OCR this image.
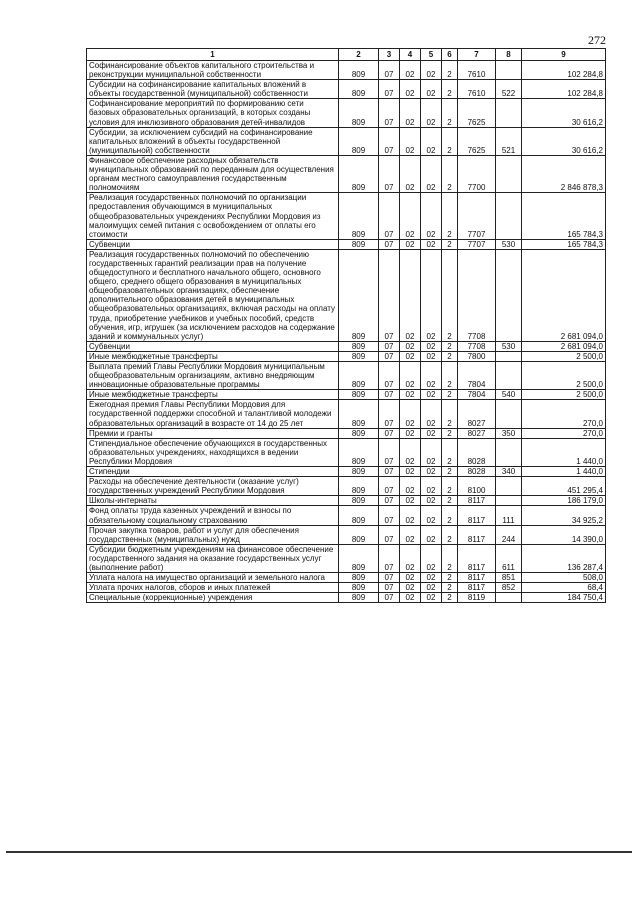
272
1	2	3	4	5	6	7	8	9
Софинансирование объектов капитального строительства и реконструкции муниципальной собственности	809	07	02	02	2	7610		102 284,8
Субсидии на софинансирование капитальных вложений в объекты государственной (муниципальной) собственности	809	07	02	02	2	7610	522	102 284,8
Софинансирование мероприятий по формированию сети базовых образовательных организаций, в которых созданы условия для инклюзивного образования детей-инвалидов	809	07	02	02	2	7625		30 616,2
Субсидии, за исключением субсидий на софинансирование капитальных вложений в объекты государственной (муниципальной) собственности	809	07	02	02	2	7625	521	30 616,2
Финансовое обеспечение расходных обязательств муниципальных образований по переданным для осуществления органам местного самоуправления государственным полномочиям	809	07	02	02	2	7700		2 846 878,3
Реализация государственных полномочий по организации предоставления обучающимся в муниципальных общеобразовательных учреждениях Республики Мордовия из малоимущих семей питания с освобождением от оплаты его стоимости	809	07	02	02	2	7707		165 784,3
Субвенции	809	07	02	02	2	7707	530	165 784,3
Реализация государственных полномочий по обеспечению государственных гарантий реализации прав на получение общедоступного и бесплатного начального общего, основного общего, среднего общего образования в муниципальных общеобразовательных организациях, обеспечение дополнительного образования детей в муниципальных общеобразовательных организациях, включая расходы на оплату труда, приобретение учебников и учебных пособий, средств обучения, игр, игрушек (за исключением расходов на содержание зданий и коммунальных услуг)	809	07	02	02	2	7708		2 681 094,0
Субвенции	809	07	02	02	2	7708	530	2 681 094,0
Иные межбюджетные трансферты	809	07	02	02	2	7800		2 500,0
Выплата премий Главы Республики Мордовия муниципальным общеобразовательным организациям, активно внедряющим инновационные образовательные программы	809	07	02	02	2	7804		2 500,0
Иные межбюджетные трансферты	809	07	02	02	2	7804	540	2 500,0
Ежегодная премия Главы Республики Мордовия для государственной поддержки способной и талантливой молодежи образовательных организаций в возрасте от 14 до 25 лет	809	07	02	02	2	8027		270,0
Премии и гранты	809	07	02	02	2	8027	350	270,0
Стипендиальное обеспечение обучающихся в государственных образовательных учреждениях, находящихся в ведении Республики Мордовия	809	07	02	02	2	8028		1 440,0
Стипендии	809	07	02	02	2	8028	340	1 440,0
Расходы на обеспечение деятельности (оказание услуг) государственных учреждений Республики Мордовия	809	07	02	02	2	8100		451 295,4
Школы-интернаты	809	07	02	02	2	8117		186 179,0
Фонд оплаты труда казенных учреждений и взносы по обязательному социальному страхованию	809	07	02	02	2	8117	111	34 925,2
Прочая закупка товаров, работ и услуг для обеспечения государственных (муниципальных) нужд	809	07	02	02	2	8117	244	14 390,0
Субсидии бюджетным учреждениям на финансовое обеспечение государственного задания на оказание государственных услуг (выполнение работ)	809	07	02	02	2	8117	611	136 287,4
Уплата налога на имущество организаций и земельного налога	809	07	02	02	2	8117	851	508,0
Уплата прочих налогов, сборов и иных платежей	809	07	02	02	2	8117	852	68,4
Специальные (коррекционные) учреждения	809	07	02	02	2	8119		184 750,4
